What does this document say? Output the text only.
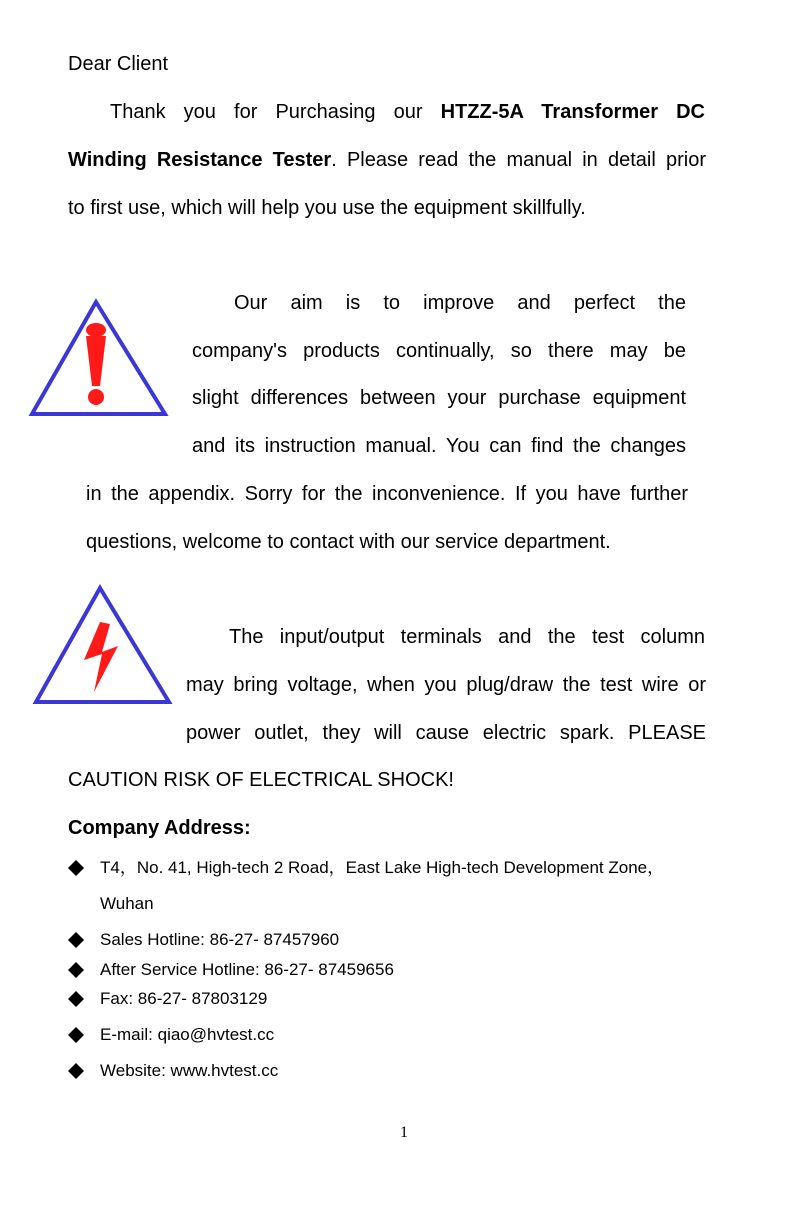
Dear Client
Thank you for Purchasing our HTZZ-5A Transformer DC
Winding Resistance Tester. Please read the manual in detail prior
to first use, which will help you use the equipment skillfully.
Our aim is to improve and perfect the
company's products continually, so there may be
slight differences between your purchase equipment
and its instruction manual. You can find the changes
in the appendix. Sorry for the inconvenience. If you have further
questions, welcome to contact with our service department.
The input/output terminals and the test column
may bring voltage, when you plug/draw the test wire or
power outlet, they will cause electric spark. PLEASE
CAUTION RISK OF ELECTRICAL SHOCK!
Company Address:
T4，No. 41, High-tech 2 Road，East Lake High-tech Development Zone，
Wuhan
Sales Hotline: 86-27- 87457960
After Service Hotline: 86-27- 87459656
Fax: 86-27- 87803129
E-mail: qiao@hvtest.cc
Website: www.hvtest.cc
1
